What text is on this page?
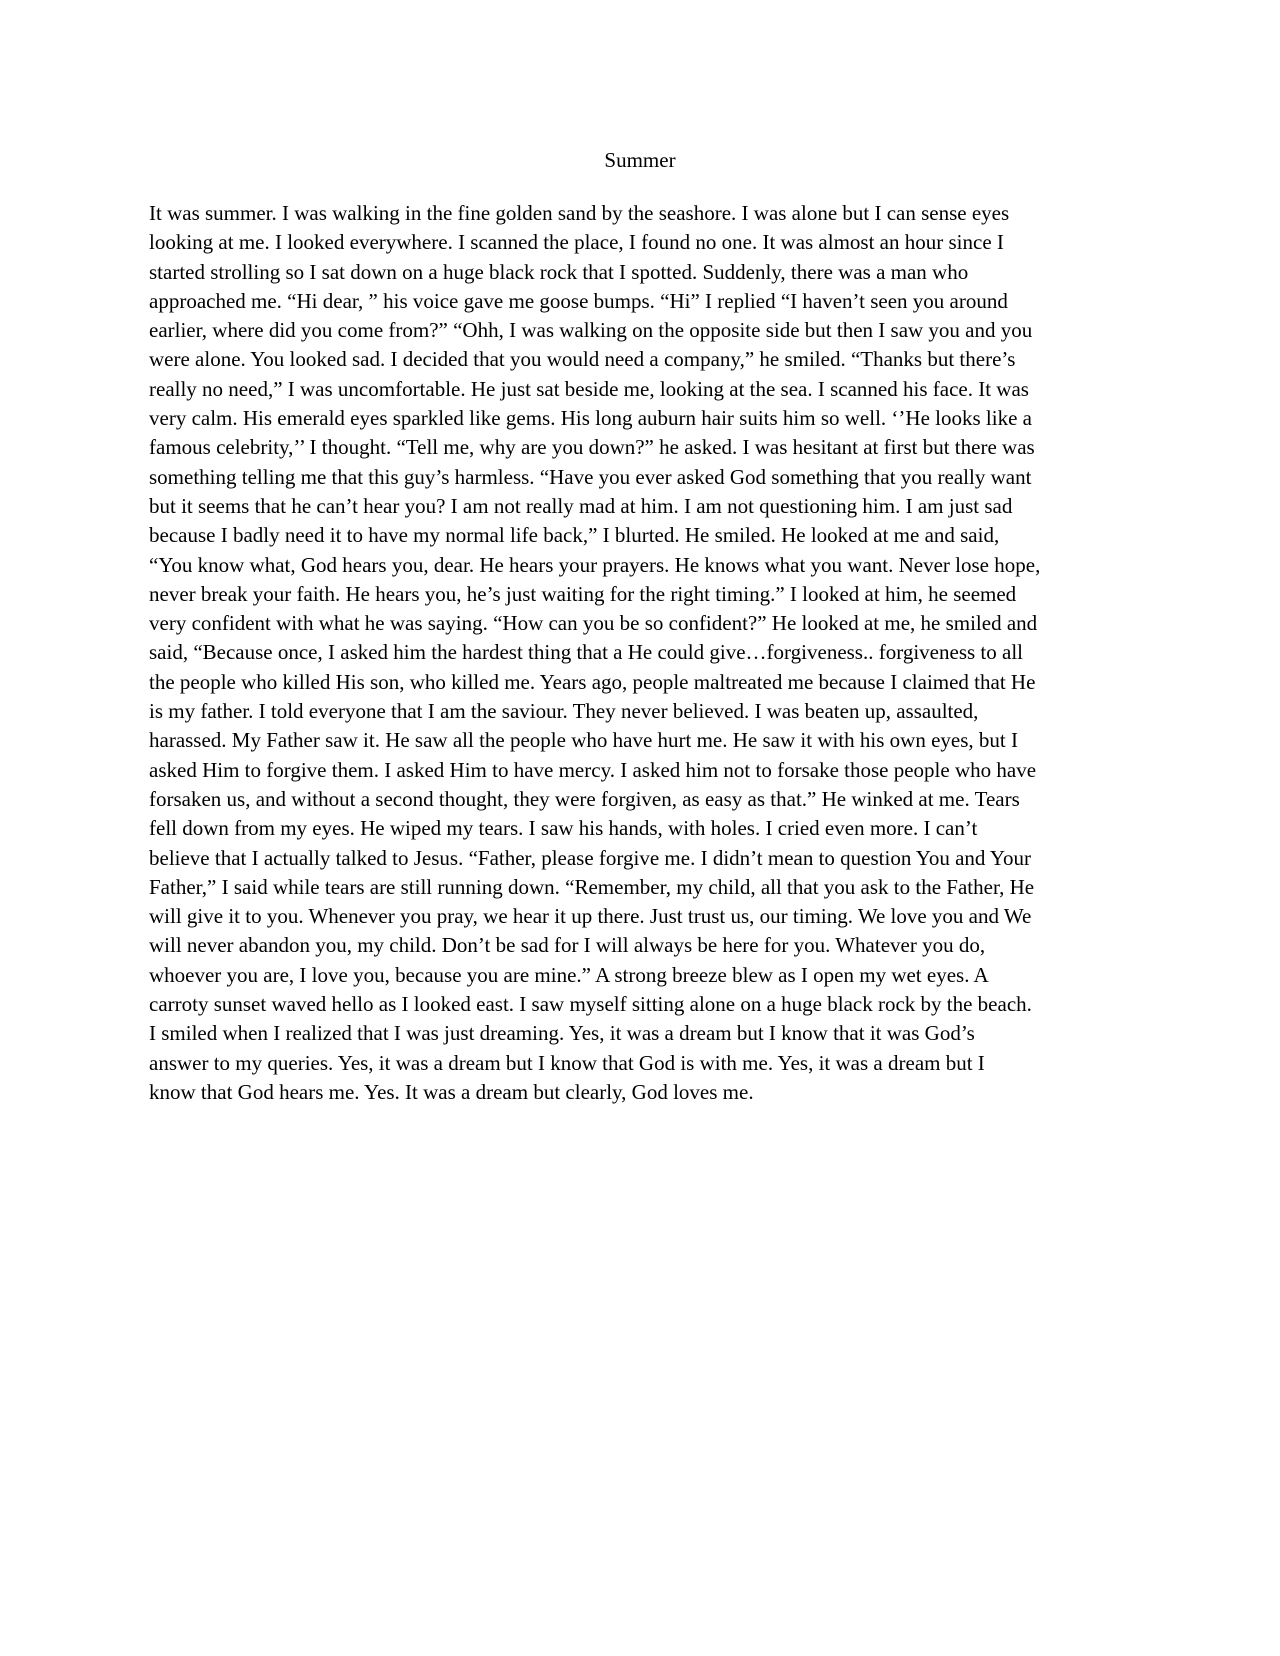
Summer
It was summer. I was walking in the fine golden sand by the seashore. I was alone but I can sense eyes
looking at me. I looked everywhere. I scanned the place, I found no one. It was almost an hour since I
started strolling so I sat down on a huge black rock that I spotted. Suddenly, there was a man who
approached me. “Hi dear, ” his voice gave me goose bumps. “Hi” I replied “I haven’t seen you around
earlier, where did you come from?” “Ohh, I was walking on the opposite side but then I saw you and you
were alone. You looked sad. I decided that you would need a company,” he smiled. “Thanks but there’s
really no need,” I was uncomfortable. He just sat beside me, looking at the sea. I scanned his face. It was
very calm. His emerald eyes sparkled like gems. His long auburn hair suits him so well. ‘’He looks like a
famous celebrity,’’ I thought. “Tell me, why are you down?” he asked. I was hesitant at first but there was
something telling me that this guy’s harmless. “Have you ever asked God something that you really want
but it seems that he can’t hear you? I am not really mad at him. I am not questioning him. I am just sad
because I badly need it to have my normal life back,” I blurted. He smiled. He looked at me and said,
“You know what, God hears you, dear. He hears your prayers. He knows what you want. Never lose hope,
never break your faith. He hears you, he’s just waiting for the right timing.” I looked at him, he seemed
very confident with what he was saying. “How can you be so confident?” He looked at me, he smiled and
said, “Because once, I asked him the hardest thing that a He could give…forgiveness.. forgiveness to all
the people who killed His son, who killed me. Years ago, people maltreated me because I claimed that He
is my father. I told everyone that I am the saviour. They never believed. I was beaten up, assaulted,
harassed. My Father saw it. He saw all the people who have hurt me. He saw it with his own eyes, but I
asked Him to forgive them. I asked Him to have mercy. I asked him not to forsake those people who have
forsaken us, and without a second thought, they were forgiven, as easy as that.” He winked at me. Tears
fell down from my eyes. He wiped my tears. I saw his hands, with holes. I cried even more. I can’t
believe that I actually talked to Jesus. “Father, please forgive me. I didn’t mean to question You and Your
Father,” I said while tears are still running down. “Remember, my child, all that you ask to the Father, He
will give it to you. Whenever you pray, we hear it up there. Just trust us, our timing. We love you and We
will never abandon you, my child. Don’t be sad for I will always be here for you. Whatever you do,
whoever you are, I love you, because you are mine.” A strong breeze blew as I open my wet eyes. A
carroty sunset waved hello as I looked east. I saw myself sitting alone on a huge black rock by the beach.
I smiled when I realized that I was just dreaming. Yes, it was a dream but I know that it was God’s
answer to my queries. Yes, it was a dream but I know that God is with me. Yes, it was a dream but I
know that God hears me. Yes. It was a dream but clearly, God loves me.
